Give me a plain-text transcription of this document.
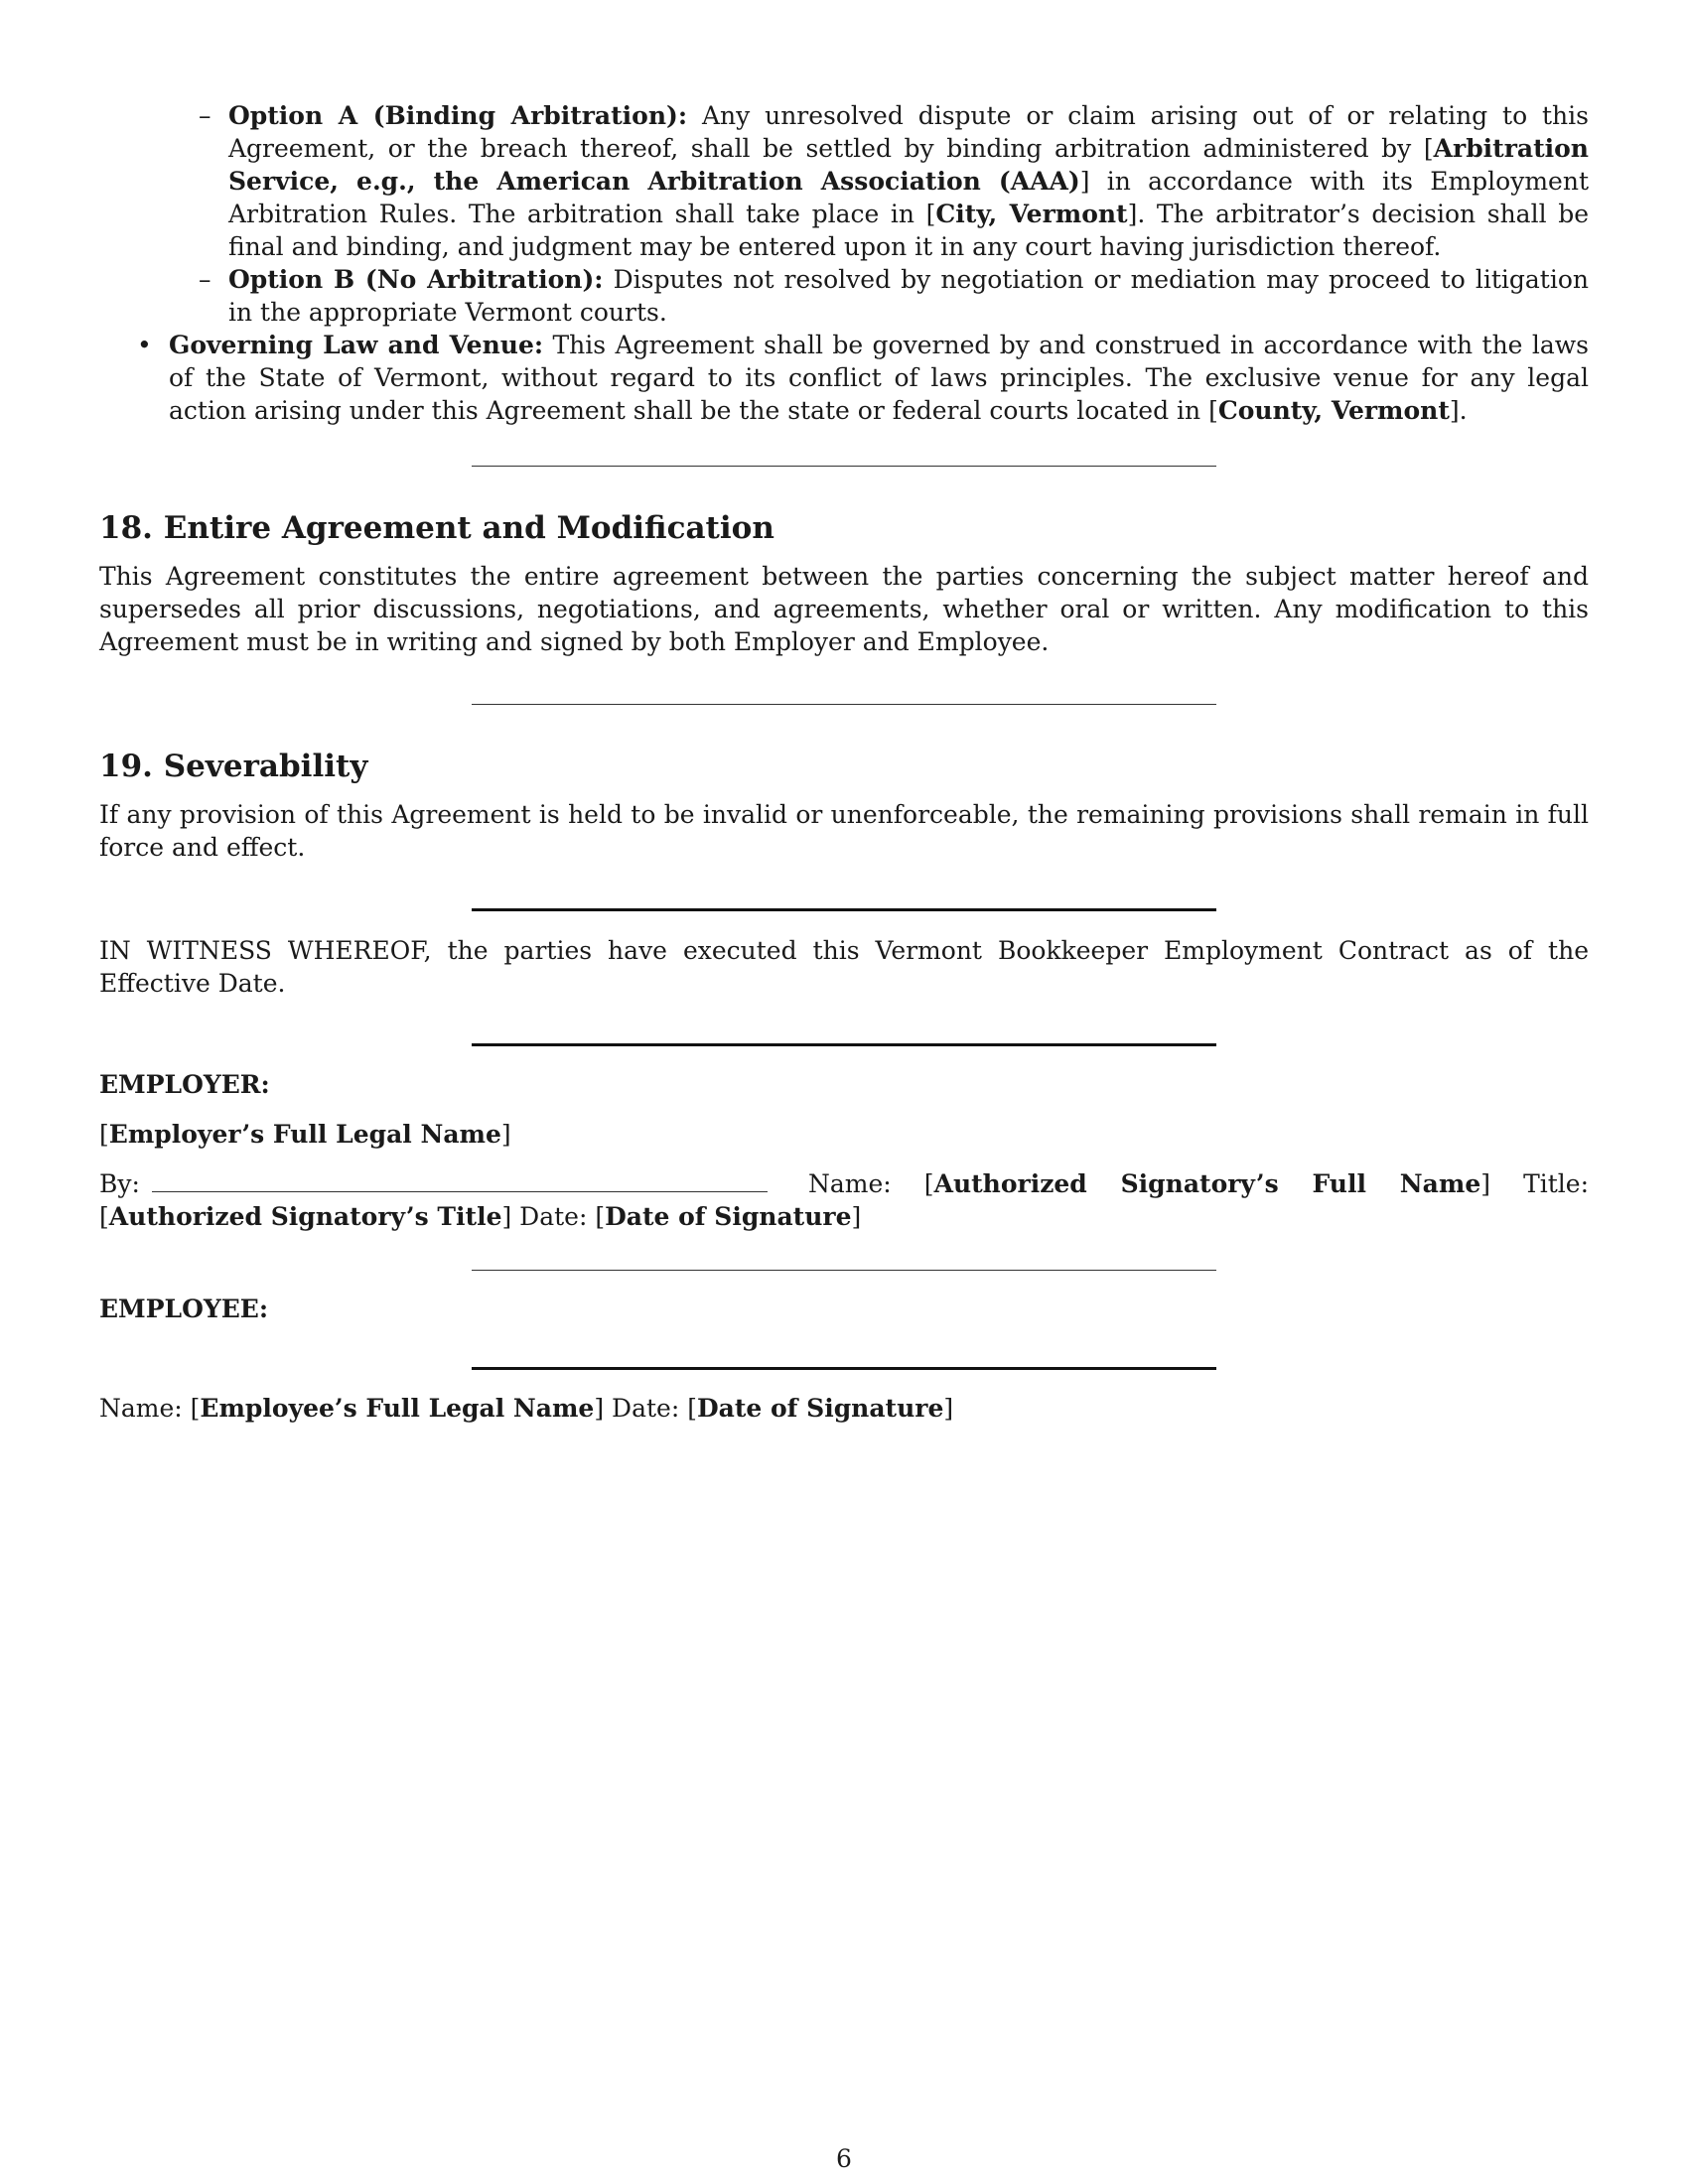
– Option A (Binding Arbitration): Any unresolved dispute or claim arising out of or relating to this Agreement, or the breach thereof, shall be settled by binding arbitration administered by [Arbitration Service, e.g., the American Arbitration Association (AAA)] in accordance with its Employment Arbitration Rules. The arbitration shall take place in [City, Vermont]. The arbitrator’s decision shall be final and binding, and judgment may be entered upon it in any court having jurisdiction thereof.
– Option B (No Arbitration): Disputes not resolved by negotiation or mediation may proceed to litigation in the appropriate Vermont courts.
• Governing Law and Venue: This Agreement shall be governed by and construed in accordance with the laws of the State of Vermont, without regard to its conflict of laws principles. The exclusive venue for any legal action arising under this Agreement shall be the state or federal courts located in [County, Vermont].
18. Entire Agreement and Modification

This Agreement constitutes the entire agreement between the parties concerning the subject matter hereof and supersedes all prior discussions, negotiations, and agreements, whether oral or written. Any modification to this Agreement must be in writing and signed by both Employer and Employee.

19. Severability

If any provision of this Agreement is held to be invalid or unenforceable, the remaining provisions shall remain in full force and effect.

IN WITNESS WHEREOF, the parties have executed this Vermont Bookkeeper Employment Contract as of the Effective Date.

EMPLOYER:
[Employer’s Full Legal Name]

By:	Name: [Authorized Signatory’s Full Name] Title: [Authorized Signatory’s Title] Date: [Date of Signature]

EMPLOYEE:

Name: [Employee’s Full Legal Name] Date: [Date of Signature]

6
